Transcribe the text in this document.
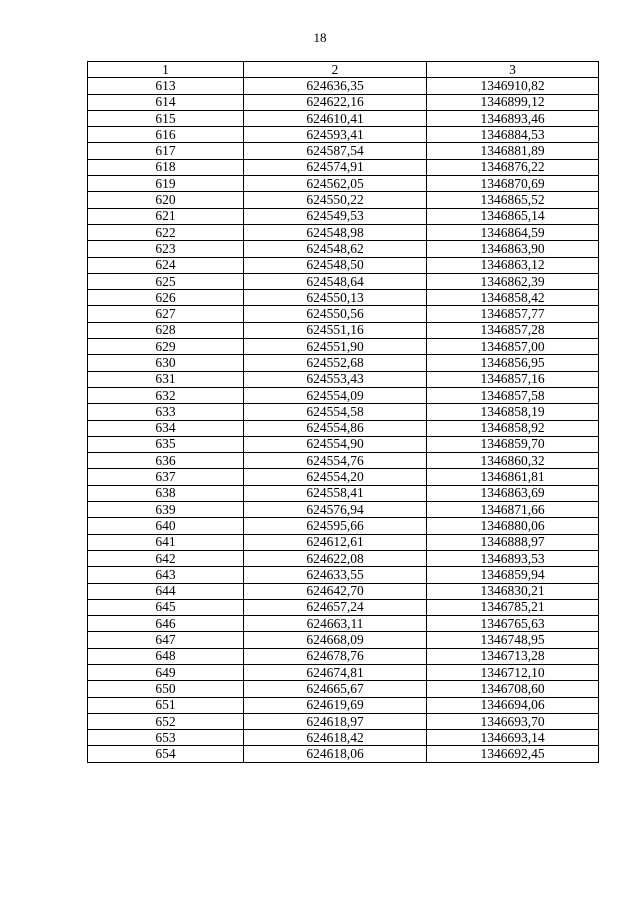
18
1	2	3
613	624636,35	1346910,82
614	624622,16	1346899,12
615	624610,41	1346893,46
616	624593,41	1346884,53
617	624587,54	1346881,89
618	624574,91	1346876,22
619	624562,05	1346870,69
620	624550,22	1346865,52
621	624549,53	1346865,14
622	624548,98	1346864,59
623	624548,62	1346863,90
624	624548,50	1346863,12
625	624548,64	1346862,39
626	624550,13	1346858,42
627	624550,56	1346857,77
628	624551,16	1346857,28
629	624551,90	1346857,00
630	624552,68	1346856,95
631	624553,43	1346857,16
632	624554,09	1346857,58
633	624554,58	1346858,19
634	624554,86	1346858,92
635	624554,90	1346859,70
636	624554,76	1346860,32
637	624554,20	1346861,81
638	624558,41	1346863,69
639	624576,94	1346871,66
640	624595,66	1346880,06
641	624612,61	1346888,97
642	624622,08	1346893,53
643	624633,55	1346859,94
644	624642,70	1346830,21
645	624657,24	1346785,21
646	624663,11	1346765,63
647	624668,09	1346748,95
648	624678,76	1346713,28
649	624674,81	1346712,10
650	624665,67	1346708,60
651	624619,69	1346694,06
652	624618,97	1346693,70
653	624618,42	1346693,14
654	624618,06	1346692,45
